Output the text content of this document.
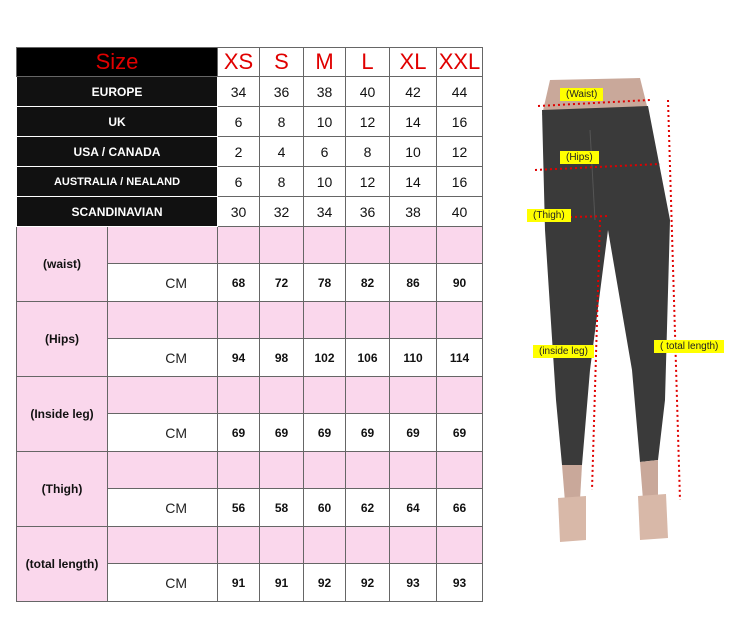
Size		XS	S	M	L	XL	XXL
EUROPE		34	36	38	40	42	44
UK		6	8	10	12	14	16
USA / CANADA		2	4	6	8	10	12
AUSTRALIA / NEALAND		6	8	10	12	14	16
SCANDINAVIAN		30	32	34	36	38	40
(waist)							
	CM	68	72	78	82	86	90
(Hips)							
	CM	94	98	102	106	110	114
(Inside leg)							
	CM	69	69	69	69	69	69
(Thigh)							
	CM	56	58	60	62	64	66
(total length)							
	CM	91	91	92	92	93	93
(Waist)
(Hips)
(Thigh)
(inside leg)	( total length)
